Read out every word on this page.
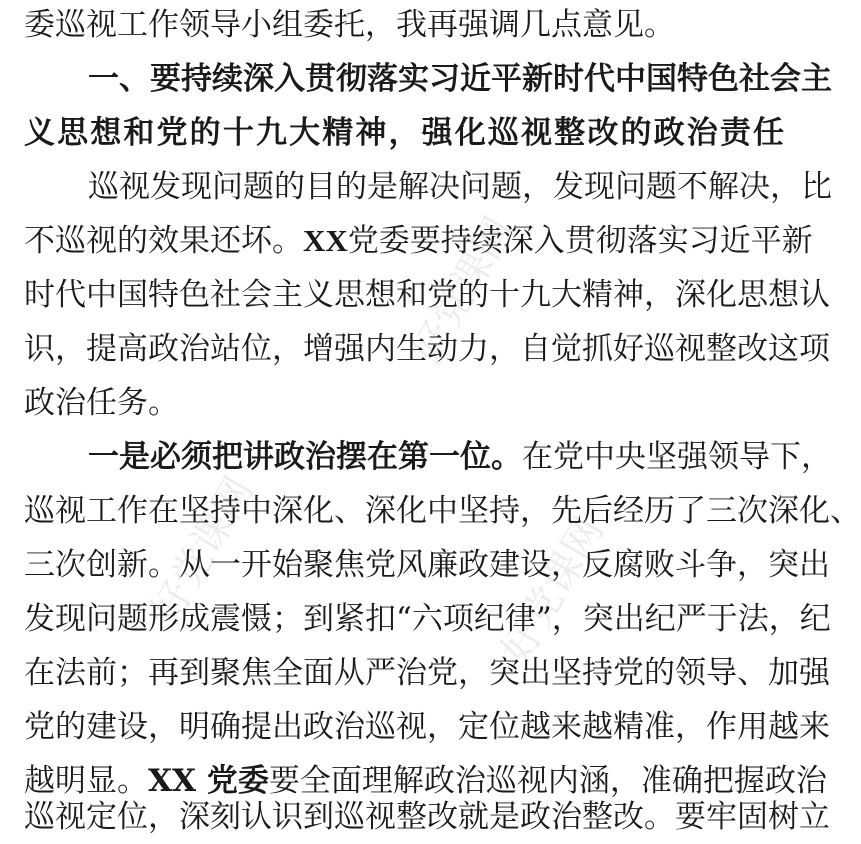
好党课网
好党课网	好党课网
委巡视工作领导小组委托，我再强调几点意见。
一、要持续深入贯彻落实习近平新时代中国特色社会主
义思想和党的十九大精神，强化巡视整改的政治责任
巡视发现问题的目的是解决问题，发现问题不解决，比
不巡视的效果还坏。XX党委要持续深入贯彻落实习近平新
时代中国特色社会主义思想和党的十九大精神，深化思想认
识，提高政治站位，增强内生动力，自觉抓好巡视整改这项
政治任务。
一是必须把讲政治摆在第一位。在党中央坚强领导下，
巡视工作在坚持中深化、深化中坚持，先后经历了三次深化、
三次创新。从一开始聚焦党风廉政建设，反腐败斗争，突出
发现问题形成震慑；到紧扣“六项纪律”，突出纪严于法，纪
在法前；再到聚焦全面从严治党，突出坚持党的领导、加强
党的建设，明确提出政治巡视，定位越来越精准，作用越来
越明显。XX 党委要全面理解政治巡视内涵，准确把握政治
巡视定位，深刻认识到巡视整改就是政治整改。要牢固树立
